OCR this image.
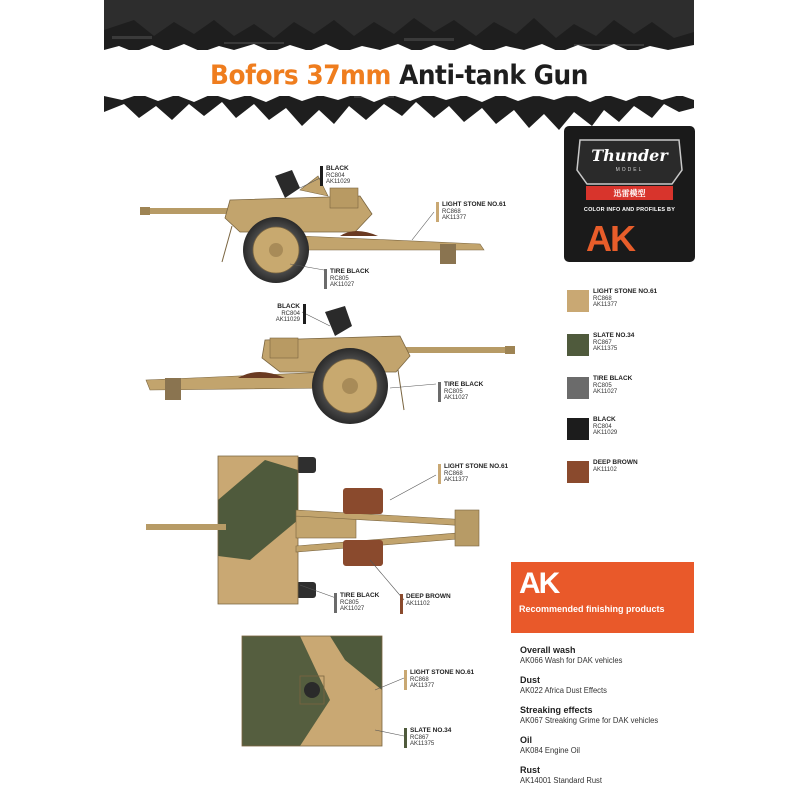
Bofors 37mm Anti-tank Gun
Thunder
MODEL
迅雷模型
COLOR INFO AND PROFILES BY
AK
LIGHT STONE NO.61
RC868
AK11377
SLATE NO.34
RC867
AK11375
TIRE BLACK
RC805
AK11027
BLACK
RC804
AK11029
DEEP BROWN
AK11102
BLACK
RC804
AK11029
LIGHT STONE NO.61
RC868
AK11377
TIRE BLACK
RC805
AK11027
BLACK
RC804
AK11029
TIRE BLACK
RC805
AK11027
LIGHT STONE NO.61
RC868
AK11377
TIRE BLACK
RC805
AK11027
DEEP BROWN
AK11102
LIGHT STONE NO.61
RC868
AK11377
SLATE NO.34
RC867
AK11375
AK
Recommended finishing products
Overall wash
AK066 Wash for DAK vehicles
Dust
AK022 Africa Dust Effects
Streaking effects
AK067 Streaking Grime for DAK vehicles
Oil
AK084 Engine Oil
Rust
AK14001 Standard Rust
